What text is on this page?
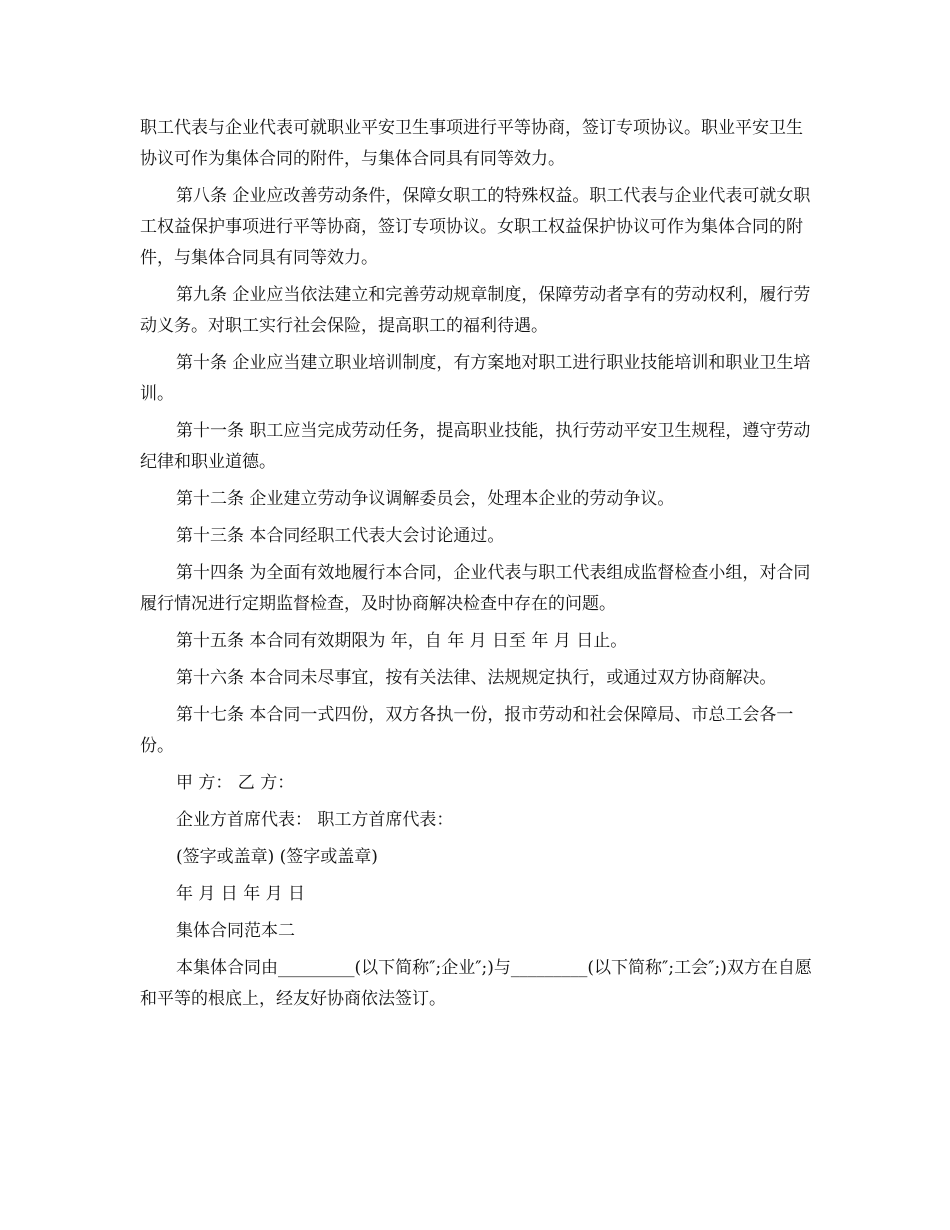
职工代表与企业代表可就职业平安卫生事项进行平等协商，签订专项协议。职业平安卫生协议可作为集体合同的附件，与集体合同具有同等效力。

第八条 企业应改善劳动条件，保障女职工的特殊权益。职工代表与企业代表可就女职工权益保护事项进行平等协商，签订专项协议。女职工权益保护协议可作为集体合同的附件，与集体合同具有同等效力。

第九条 企业应当依法建立和完善劳动规章制度，保障劳动者享有的劳动权利，履行劳动义务。对职工实行社会保险，提高职工的福利待遇。

第十条 企业应当建立职业培训制度，有方案地对职工进行职业技能培训和职业卫生培训。

第十一条 职工应当完成劳动任务，提高职业技能，执行劳动平安卫生规程，遵守劳动纪律和职业道德。

第十二条 企业建立劳动争议调解委员会，处理本企业的劳动争议。

第十三条 本合同经职工代表大会讨论通过。

第十四条 为全面有效地履行本合同，企业代表与职工代表组成监督检查小组，对合同履行情况进行定期监督检查，及时协商解决检查中存在的问题。

第十五条 本合同有效期限为 年，自 年 月 日至 年 月 日止。

第十六条 本合同未尽事宜，按有关法律、法规规定执行，或通过双方协商解决。

第十七条 本合同一式四份，双方各执一份，报市劳动和社会保障局、市总工会各一份。

甲 方： 乙 方：

企业方首席代表： 职工方首席代表：

(签字或盖章) (签字或盖章)

年 月 日 年 月 日

集体合同范本二

本集体合同由_________(以下简称″;企业″;)与_________(以下简称″;工会″;)双方在自愿和平等的根底上，经友好协商依法签订。
